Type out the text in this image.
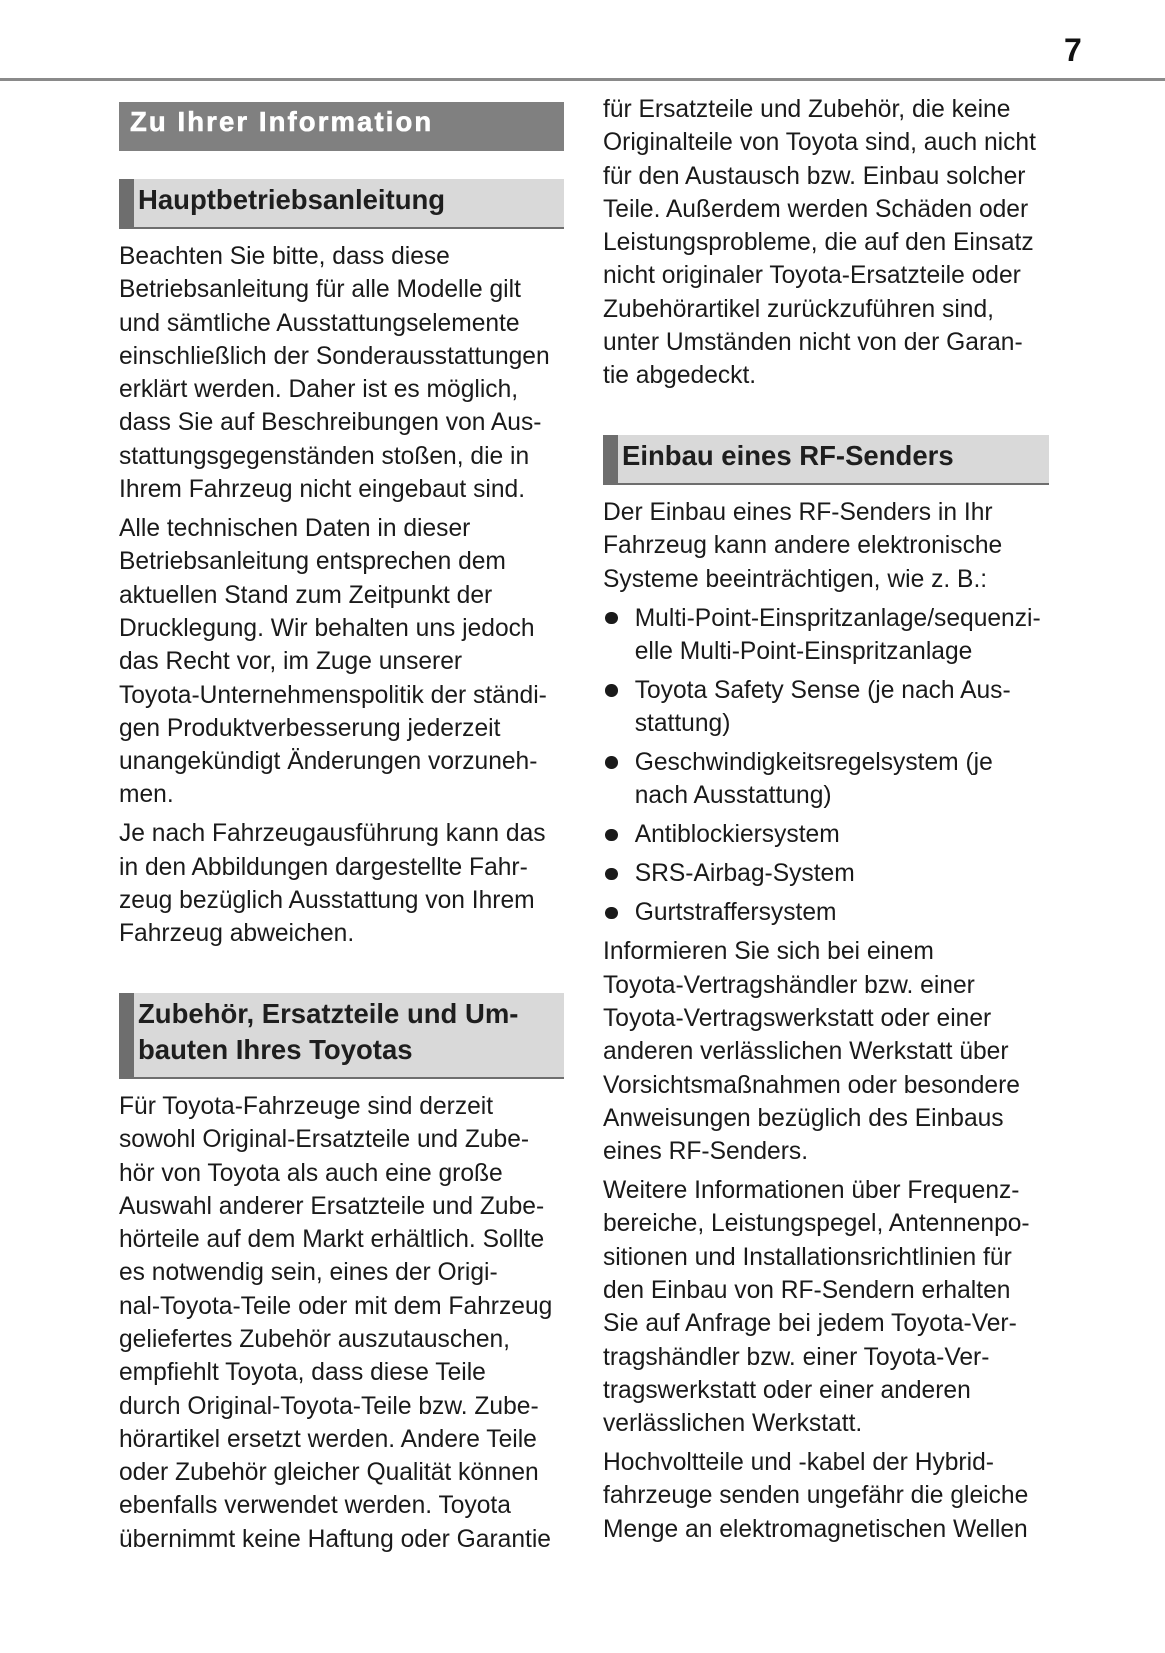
7
Zu Ihrer Information
Hauptbetriebsanleitung
Beachten Sie bitte, dass diese
Betriebsanleitung für alle Modelle gilt
und sämtliche Ausstattungselemente
einschließlich der Sonderausstattungen
erklärt werden. Daher ist es möglich,
dass Sie auf Beschreibungen von Aus-
stattungsgegenständen stoßen, die in
Ihrem Fahrzeug nicht eingebaut sind.
Alle technischen Daten in dieser
Betriebsanleitung entsprechen dem
aktuellen Stand zum Zeitpunkt der
Drucklegung. Wir behalten uns jedoch
das Recht vor, im Zuge unserer
Toyota-Unternehmenspolitik der ständi-
gen Produktverbesserung jederzeit
unangekündigt Änderungen vorzuneh-
men.
Je nach Fahrzeugausführung kann das
in den Abbildungen dargestellte Fahr-
zeug bezüglich Ausstattung von Ihrem
Fahrzeug abweichen.
Zubehör, Ersatzteile und Um-
bauten Ihres Toyotas
Für Toyota-Fahrzeuge sind derzeit
sowohl Original-Ersatzteile und Zube-
hör von Toyota als auch eine große
Auswahl anderer Ersatzteile und Zube-
hörteile auf dem Markt erhältlich. Sollte
es notwendig sein, eines der Origi-
nal-Toyota-Teile oder mit dem Fahrzeug
geliefertes Zubehör auszutauschen,
empfiehlt Toyota, dass diese Teile
durch Original-Toyota-Teile bzw. Zube-
hörartikel ersetzt werden. Andere Teile
oder Zubehör gleicher Qualität können
ebenfalls verwendet werden. Toyota
übernimmt keine Haftung oder Garantie
für Ersatzteile und Zubehör, die keine
Originalteile von Toyota sind, auch nicht
für den Austausch bzw. Einbau solcher
Teile. Außerdem werden Schäden oder
Leistungsprobleme, die auf den Einsatz
nicht originaler Toyota-Ersatzteile oder
Zubehörartikel zurückzuführen sind,
unter Umständen nicht von der Garan-
tie abgedeckt.
Einbau eines RF-Senders
Der Einbau eines RF-Senders in Ihr
Fahrzeug kann andere elektronische
Systeme beeinträchtigen, wie z. B.:
Multi-Point-Einspritzanlage/sequenzi-
elle Multi-Point-Einspritzanlage
Toyota Safety Sense (je nach Aus-
stattung)
Geschwindigkeitsregelsystem (je
nach Ausstattung)
Antiblockiersystem
SRS-Airbag-System
Gurtstraffersystem
Informieren Sie sich bei einem
Toyota-Vertragshändler bzw. einer
Toyota-Vertragswerkstatt oder einer
anderen verlässlichen Werkstatt über
Vorsichtsmaßnahmen oder besondere
Anweisungen bezüglich des Einbaus
eines RF-Senders.
Weitere Informationen über Frequenz-
bereiche, Leistungspegel, Antennenpo-
sitionen und Installationsrichtlinien für
den Einbau von RF-Sendern erhalten
Sie auf Anfrage bei jedem Toyota-Ver-
tragshändler bzw. einer Toyota-Ver-
tragswerkstatt oder einer anderen
verlässlichen Werkstatt.
Hochvoltteile und -kabel der Hybrid-
fahrzeuge senden ungefähr die gleiche
Menge an elektromagnetischen Wellen
